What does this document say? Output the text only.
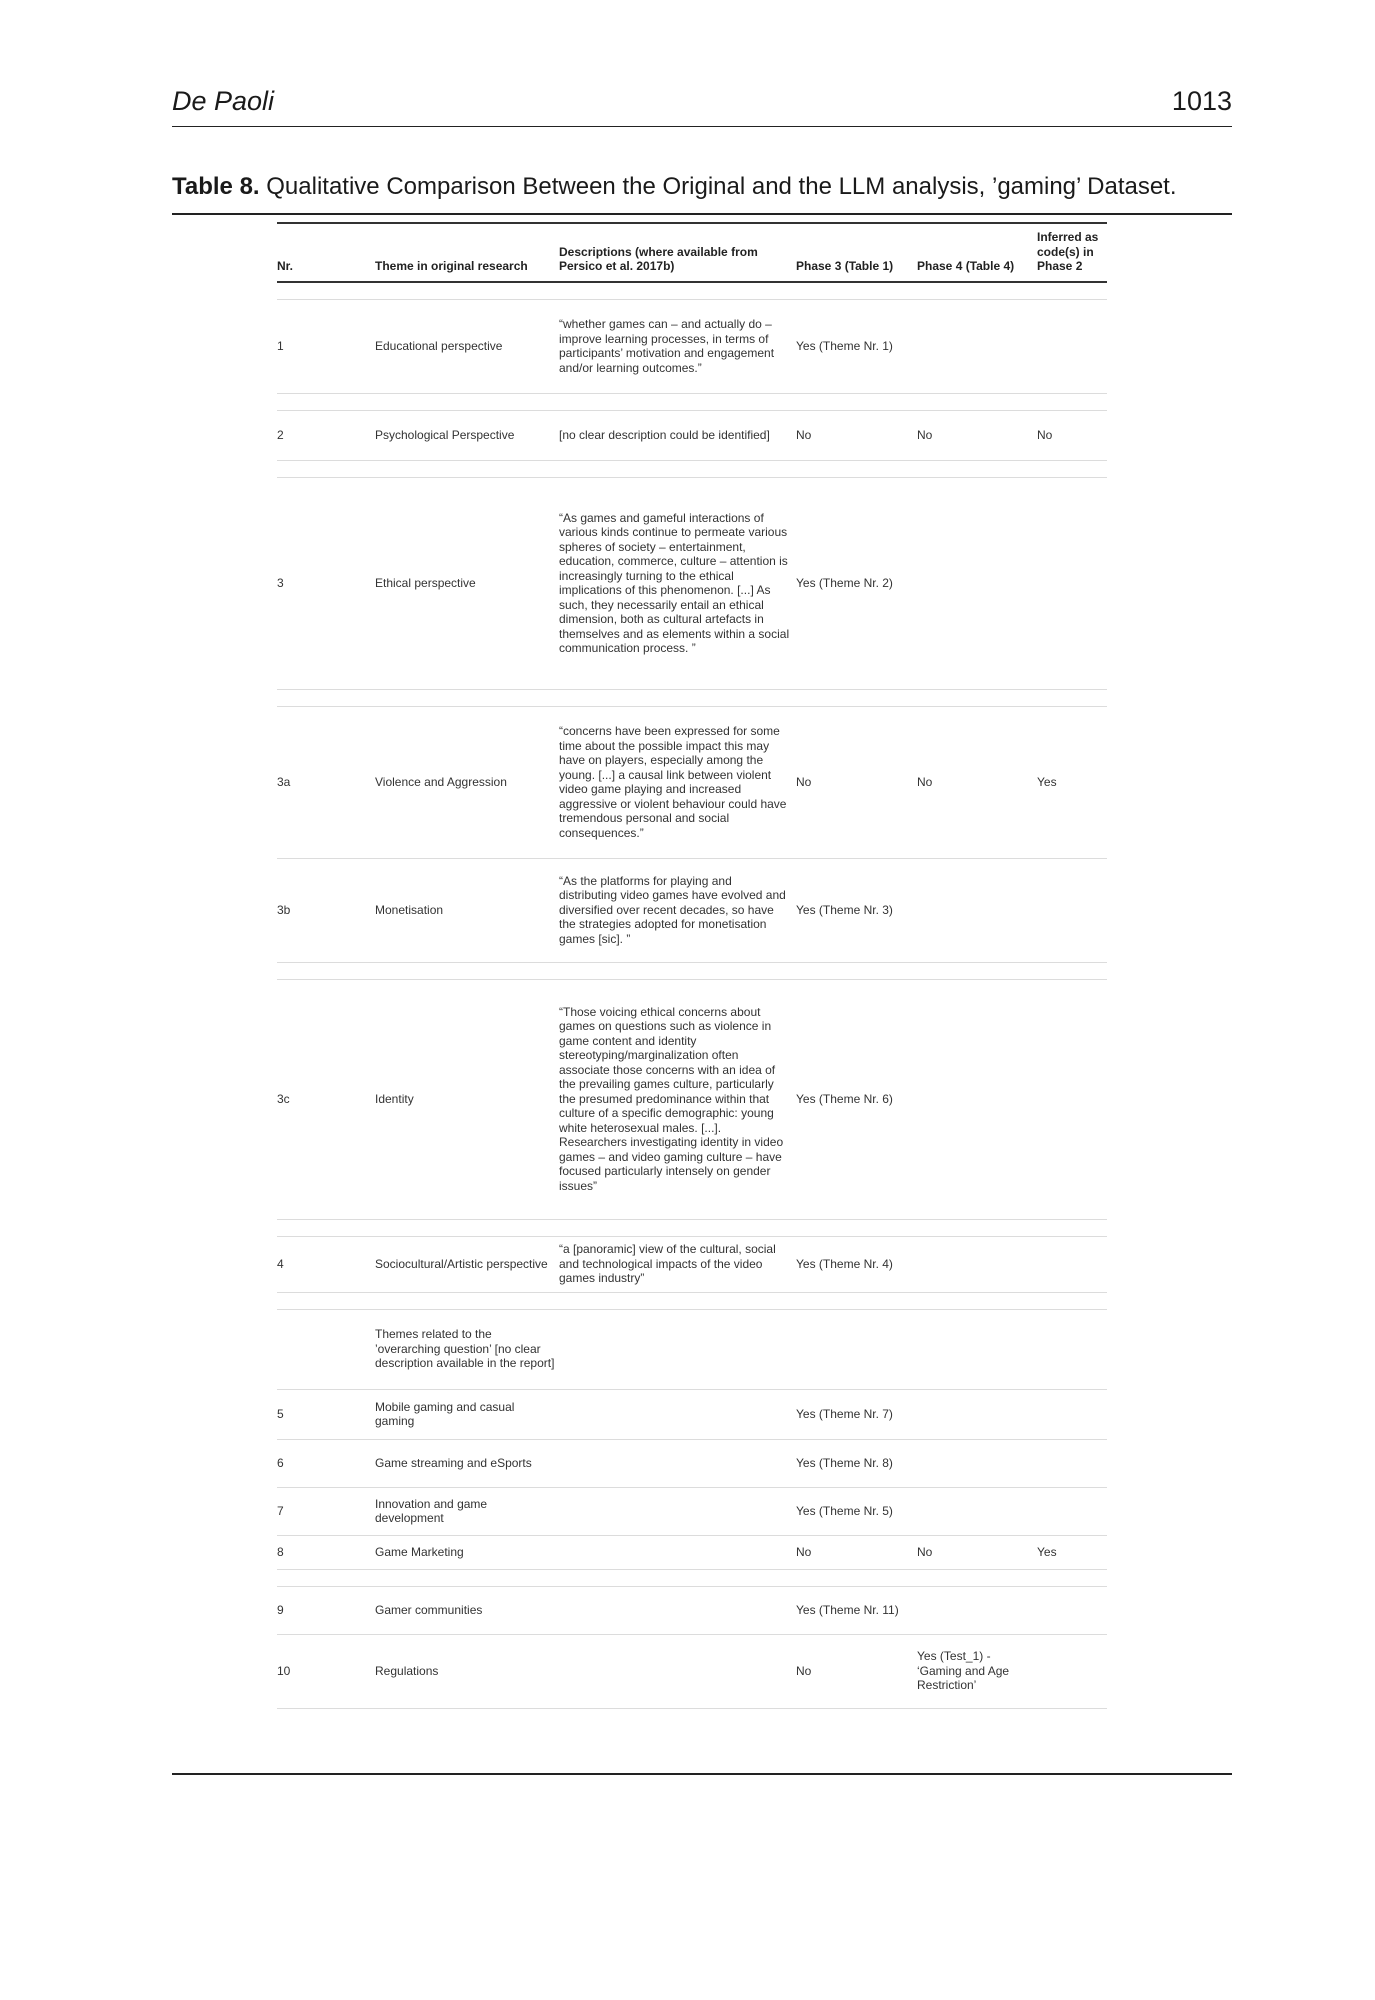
De Paoli	1013
Table 8. Qualitative Comparison Between the Original and the LLM analysis, ’gaming’ Dataset.
Nr.	Theme in original research	Descriptions (where available from Persico et al. 2017b)	Phase 3 (Table 1)	Phase 4 (Table 4)	Inferred as code(s) in Phase 2

1	Educational perspective	“whether games can – and actually do – improve learning processes, in terms of participants’ motivation and engagement and/or learning outcomes.”	Yes (Theme Nr. 1)		

2	Psychological Perspective	[no clear description could be identified]	No	No	No

3	Ethical perspective	“As games and gameful interactions of various kinds continue to permeate various spheres of society – entertainment, education, commerce, culture – attention is increasingly turning to the ethical implications of this phenomenon. [...] As such, they necessarily entail an ethical dimension, both as cultural artefacts in themselves and as elements within a social communication process. ”	Yes (Theme Nr. 2)		

3a	Violence and Aggression	“concerns have been expressed for some time about the possible impact this may have on players, especially among the young. [...] a causal link between violent video game playing and increased aggressive or violent behaviour could have tremendous personal and social consequences.”	No	No	Yes
3b	Monetisation	“As the platforms for playing and distributing video games have evolved and diversified over recent decades, so have the strategies adopted for monetisation games [sic]. ”	Yes (Theme Nr. 3)		

3c	Identity	“Those voicing ethical concerns about games on questions such as violence in game content and identity stereotyping/marginalization often associate those concerns with an idea of the prevailing games culture, particularly the presumed predominance within that culture of a specific demographic: young white heterosexual males. [...]. Researchers investigating identity in video games – and video gaming culture – have focused particularly intensely on gender issues”	Yes (Theme Nr. 6)		

4	Sociocultural/Artistic perspective	“a [panoramic] view of the cultural, social and technological impacts of the video games industry”	Yes (Theme Nr. 4)		

	Themes related to the ’overarching question’ [no clear description available in the report]				
5	Mobile gaming and casual gaming		Yes (Theme Nr. 7)		
6	Game streaming and eSports		Yes (Theme Nr. 8)		
7	Innovation and game development		Yes (Theme Nr. 5)		
8	Game Marketing		No	No	Yes

9	Gamer communities		Yes (Theme Nr. 11)		
10	Regulations		No	Yes (Test_1) - ‘Gaming and Age Restriction’	
